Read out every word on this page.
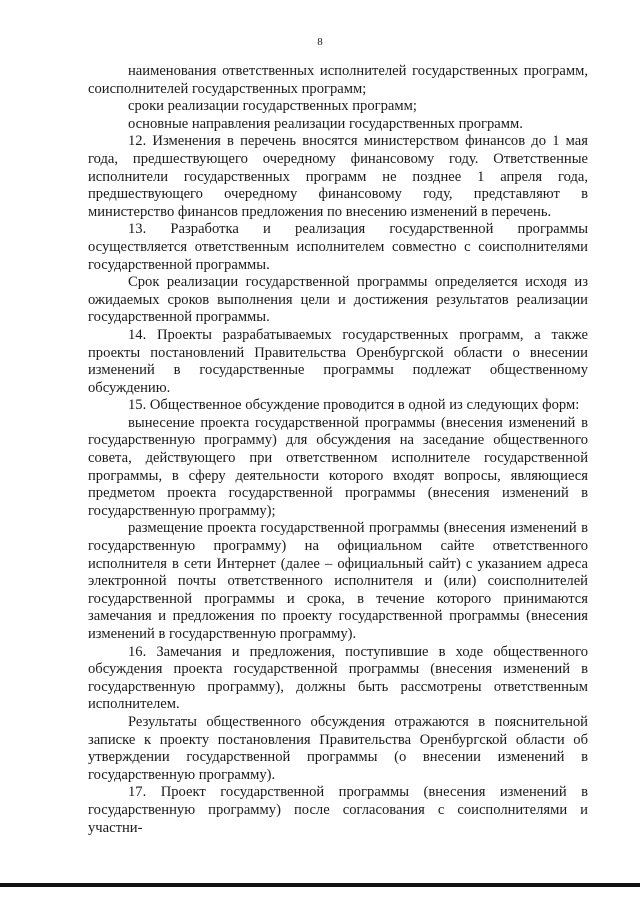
8

наименования ответственных исполнителей государственных программ, соисполнителей государственных программ;

сроки реализации государственных программ;

основные направления реализации государственных программ.

12. Изменения в перечень вносятся министерством финансов до 1 мая года, предшествующего очередному финансовому году. Ответственные исполнители государственных программ не позднее 1 апреля года, предшествующего очередному финансовому году, представляют в министерство финансов предложения по внесению изменений в перечень.

13. Разработка и реализация государственной программы осуществляется ответственным исполнителем совместно с соисполнителями государственной программы.

Срок реализации государственной программы определяется исходя из ожидаемых сроков выполнения цели и достижения результатов реализации государственной программы.

14. Проекты разрабатываемых государственных программ, а также проекты постановлений Правительства Оренбургской области о внесении изменений в государственные программы подлежат общественному обсуждению.

15. Общественное обсуждение проводится в одной из следующих форм:

вынесение проекта государственной программы (внесения изменений в государственную программу) для обсуждения на заседание общественного совета, действующего при ответственном исполнителе государственной программы, в сферу деятельности которого входят вопросы, являющиеся предметом проекта государственной программы (внесения изменений в государственную программу);

размещение проекта государственной программы (внесения изменений в государственную программу) на официальном сайте ответственного исполнителя в сети Интернет (далее – официальный сайт) с указанием адреса электронной почты ответственного исполнителя и (или) соисполнителей государственной программы и срока, в течение которого принимаются замечания и предложения по проекту государственной программы (внесения изменений в государственную программу).

16. Замечания и предложения, поступившие в ходе общественного обсуждения проекта государственной программы (внесения изменений в государственную программу), должны быть рассмотрены ответственным исполнителем.

Результаты общественного обсуждения отражаются в пояснительной записке к проекту постановления Правительства Оренбургской области об утверждении государственной программы (о внесении изменений в государственную программу).

17. Проект государственной программы (внесения изменений в государственную программу) после согласования с соисполнителями и участни-
